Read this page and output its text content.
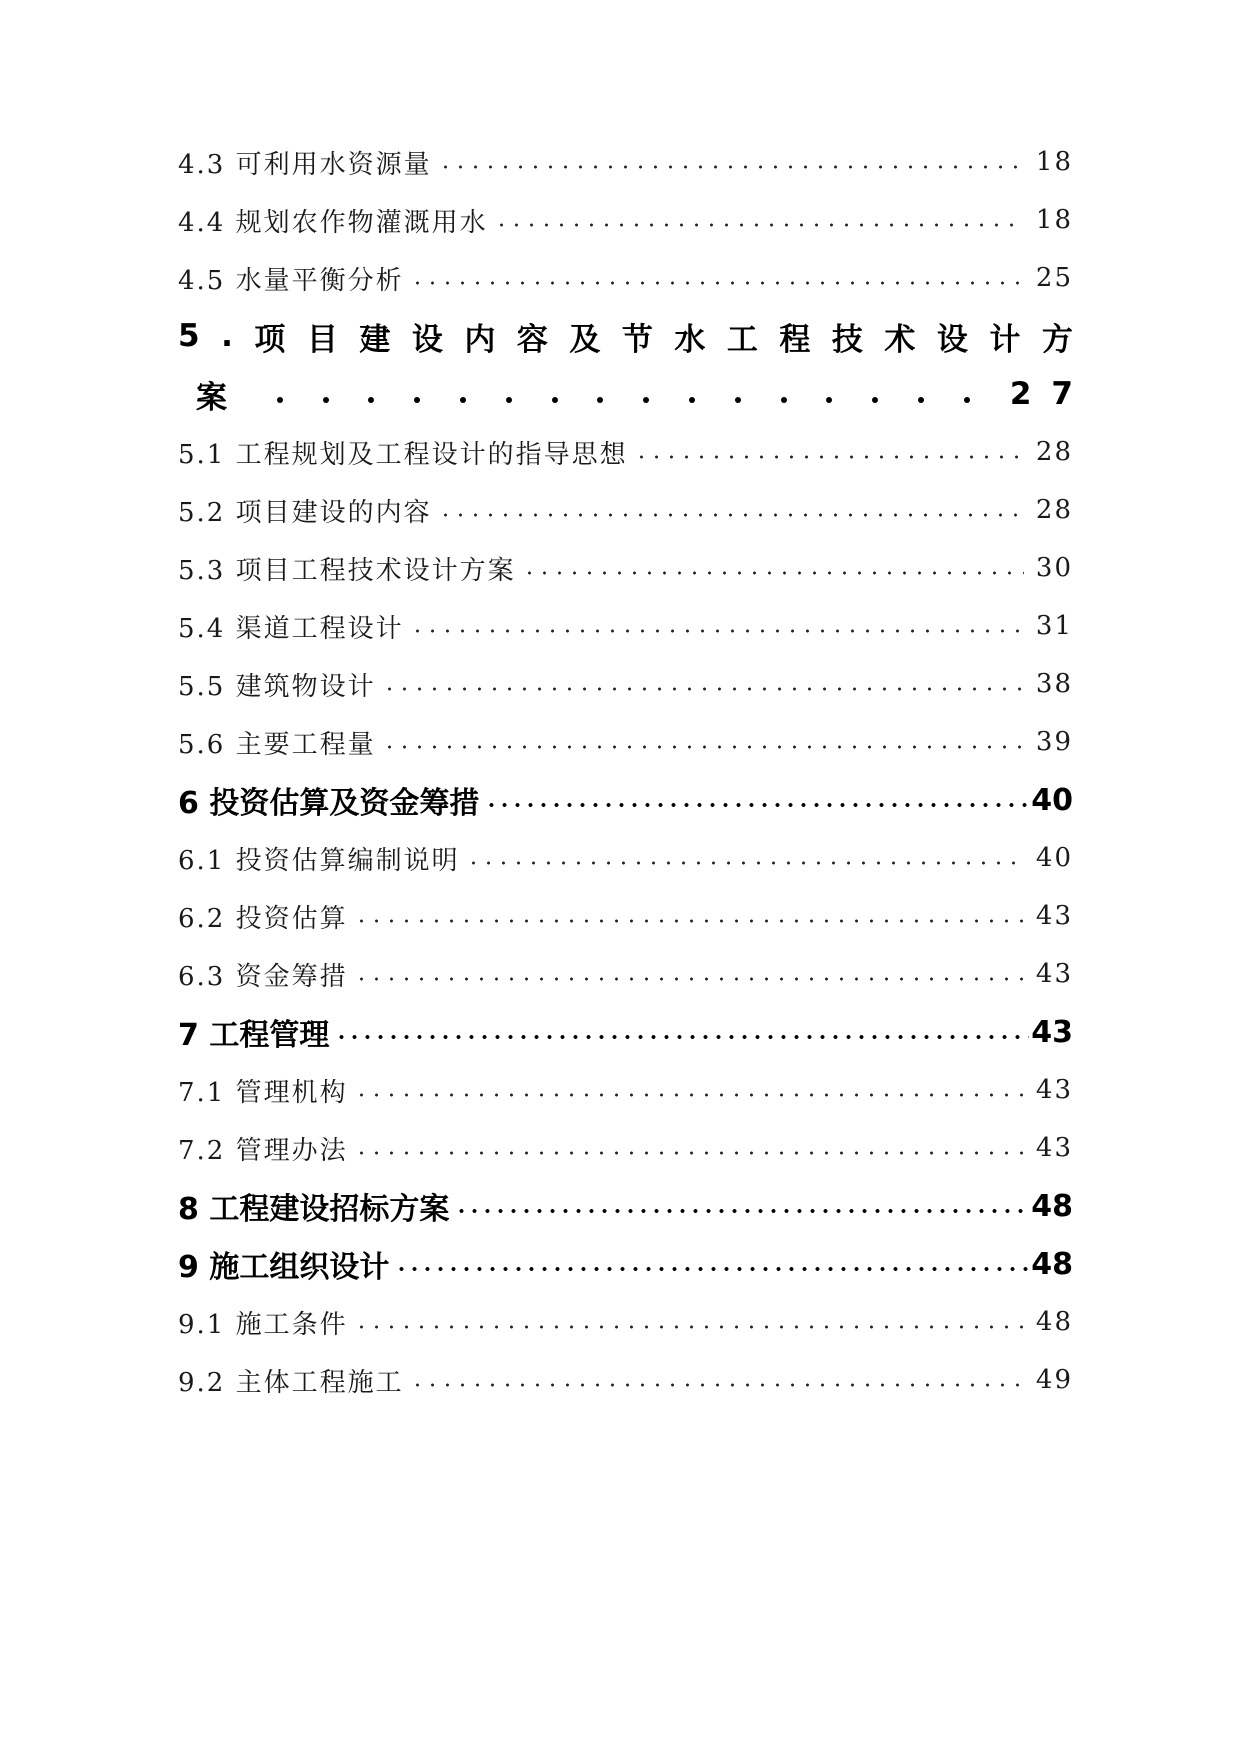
4.3 可利用水资源量	18
4.4 规划农作物灌溉用水	18
4.5 水量平衡分析	25
5 . 项 目 建 设 内 容 及 节 水 工 程 技 术 设 计 方
案	2 7
5.1 工程规划及工程设计的指导思想	28
5.2 项目建设的内容	28
5.3 项目工程技术设计方案	30
5.4 渠道工程设计	31
5.5 建筑物设计	38
5.6 主要工程量	39
6 投资估算及资金筹措	40
6.1 投资估算编制说明	40
6.2 投资估算	43
6.3 资金筹措	43
7 工程管理	43
7.1 管理机构	43
7.2 管理办法	43
8 工程建设招标方案	48
9 施工组织设计	48
9.1 施工条件	48
9.2 主体工程施工	49
